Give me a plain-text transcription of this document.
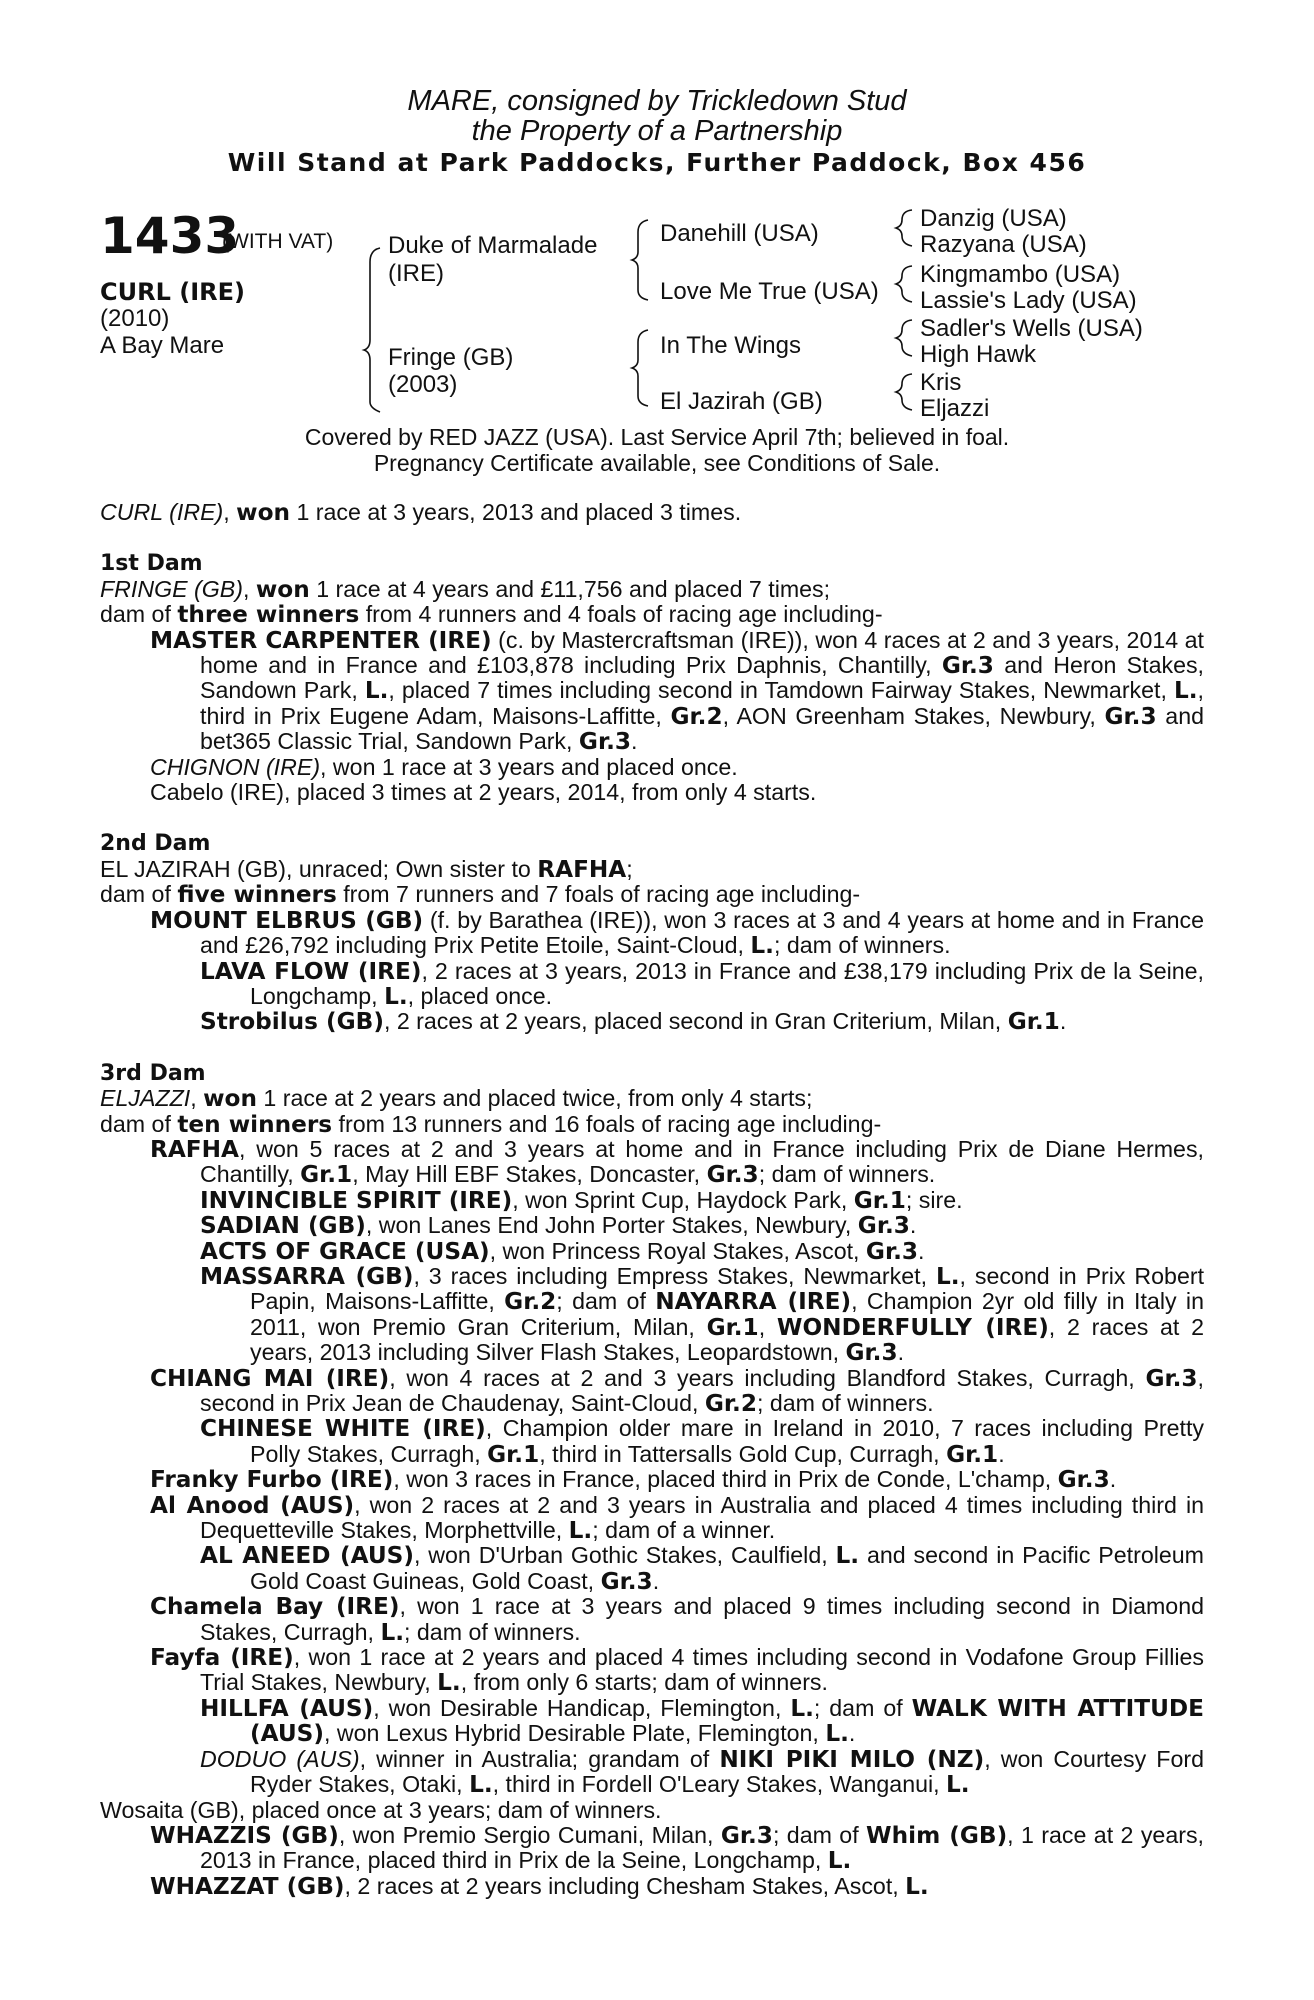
MARE, consigned by Trickledown Stud
the Property of a Partnership
Will Stand at Park Paddocks, Further Paddock, Box 456
1433
(WITH VAT)
CURL (IRE)
(2010)
A Bay Mare
Duke of Marmalade
(IRE)
Fringe (GB)
(2003)
Danehill (USA)
Love Me True (USA)
In The Wings
El Jazirah (GB)
Danzig (USA)
Razyana (USA)
Kingmambo (USA)
Lassie's Lady (USA)
Sadler's Wells (USA)
High Hawk
Kris
Eljazzi
Covered by RED JAZZ (USA). Last Service April 7th; believed in foal.
Pregnancy Certificate available, see Conditions of Sale.

CURL (IRE), won 1 race at 3 years, 2013 and placed 3 times.

1st Dam

FRINGE (GB), won 1 race at 4 years and £11,756 and placed 7 times;

dam of three winners from 4 runners and 4 foals of racing age including-

MASTER CARPENTER (IRE) (c. by Mastercraftsman (IRE)), won 4 races at 2 and 3 years, 2014 at home and in France and £103,878 including Prix Daphnis, Chantilly, Gr.3 and Heron Stakes, Sandown Park, L., placed 7 times including second in Tamdown Fairway Stakes, Newmarket, L., third in Prix Eugene Adam, Maisons-Laffitte, Gr.2, AON Greenham Stakes, Newbury, Gr.3 and bet365 Classic Trial, Sandown Park, Gr.3.

CHIGNON (IRE), won 1 race at 3 years and placed once.

Cabelo (IRE), placed 3 times at 2 years, 2014, from only 4 starts.

2nd Dam

EL JAZIRAH (GB), unraced; Own sister to RAFHA;

dam of five winners from 7 runners and 7 foals of racing age including-

MOUNT ELBRUS (GB) (f. by Barathea (IRE)), won 3 races at 3 and 4 years at home and in France and £26,792 including Prix Petite Etoile, Saint-Cloud, L.; dam of winners.

LAVA FLOW (IRE), 2 races at 3 years, 2013 in France and £38,179 including Prix de la Seine, Longchamp, L., placed once.

Strobilus (GB), 2 races at 2 years, placed second in Gran Criterium, Milan, Gr.1.

3rd Dam

ELJAZZI, won 1 race at 2 years and placed twice, from only 4 starts;

dam of ten winners from 13 runners and 16 foals of racing age including-

RAFHA, won 5 races at 2 and 3 years at home and in France including Prix de Diane Hermes, Chantilly, Gr.1, May Hill EBF Stakes, Doncaster, Gr.3; dam of winners.

INVINCIBLE SPIRIT (IRE), won Sprint Cup, Haydock Park, Gr.1; sire.

SADIAN (GB), won Lanes End John Porter Stakes, Newbury, Gr.3.

ACTS OF GRACE (USA), won Princess Royal Stakes, Ascot, Gr.3.

MASSARRA (GB), 3 races including Empress Stakes, Newmarket, L., second in Prix Robert Papin, Maisons-Laffitte, Gr.2; dam of NAYARRA (IRE), Champion 2yr old filly in Italy in 2011, won Premio Gran Criterium, Milan, Gr.1, WONDERFULLY (IRE), 2 races at 2 years, 2013 including Silver Flash Stakes, Leopardstown, Gr.3.

CHIANG MAI (IRE), won 4 races at 2 and 3 years including Blandford Stakes, Curragh, Gr.3, second in Prix Jean de Chaudenay, Saint-Cloud, Gr.2; dam of winners.

CHINESE WHITE (IRE), Champion older mare in Ireland in 2010, 7 races including Pretty Polly Stakes, Curragh, Gr.1, third in Tattersalls Gold Cup, Curragh, Gr.1.

Franky Furbo (IRE), won 3 races in France, placed third in Prix de Conde, L'champ, Gr.3.

Al Anood (AUS), won 2 races at 2 and 3 years in Australia and placed 4 times including third in Dequetteville Stakes, Morphettville, L.; dam of a winner.

AL ANEED (AUS), won D'Urban Gothic Stakes, Caulfield, L. and second in Pacific Petroleum Gold Coast Guineas, Gold Coast, Gr.3.

Chamela Bay (IRE), won 1 race at 3 years and placed 9 times including second in Diamond Stakes, Curragh, L.; dam of winners.

Fayfa (IRE), won 1 race at 2 years and placed 4 times including second in Vodafone Group Fillies Trial Stakes, Newbury, L., from only 6 starts; dam of winners.

HILLFA (AUS), won Desirable Handicap, Flemington, L.; dam of WALK WITH ATTITUDE (AUS), won Lexus Hybrid Desirable Plate, Flemington, L..

DODUO (AUS), winner in Australia; grandam of NIKI PIKI MILO (NZ), won Courtesy Ford Ryder Stakes, Otaki, L., third in Fordell O'Leary Stakes, Wanganui, L.

Wosaita (GB), placed once at 3 years; dam of winners.

WHAZZIS (GB), won Premio Sergio Cumani, Milan, Gr.3; dam of Whim (GB), 1 race at 2 years, 2013 in France, placed third in Prix de la Seine, Longchamp, L.

WHAZZAT (GB), 2 races at 2 years including Chesham Stakes, Ascot, L.
